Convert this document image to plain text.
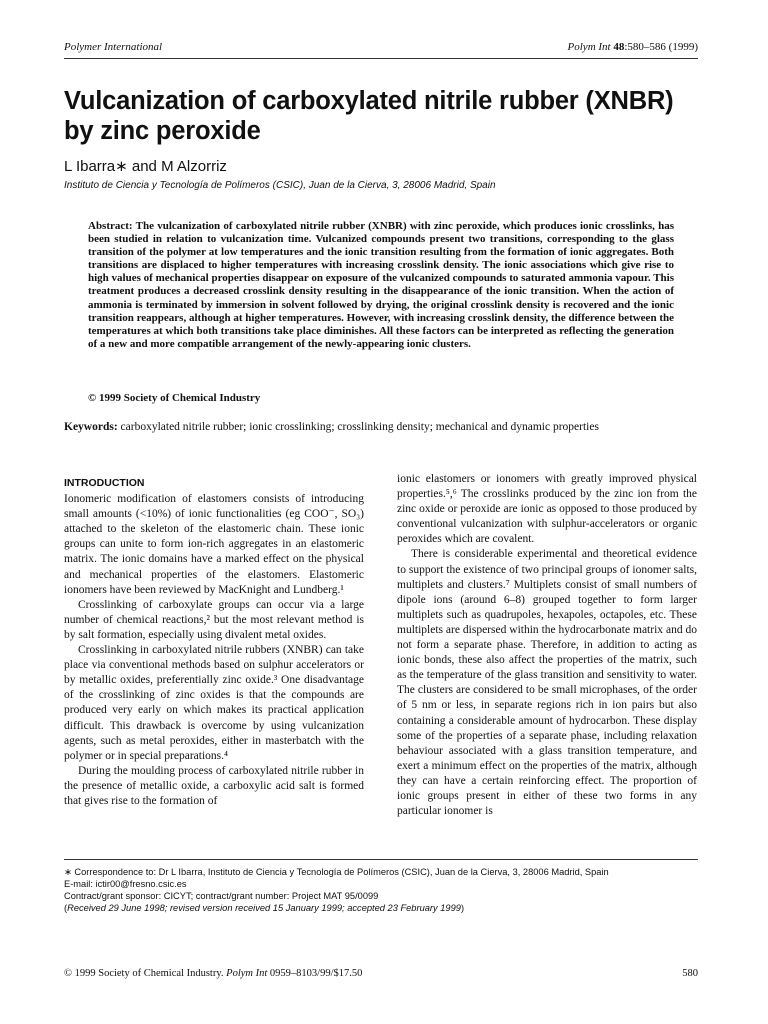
Polymer International	Polym Int 48:580–586 (1999)
Vulcanization of carboxylated nitrile rubber (XNBR) by zinc peroxide
L Ibarra∗ and M Alzorriz
Instituto de Ciencia y Tecnología de Polímeros (CSIC), Juan de la Cierva, 3, 28006 Madrid, Spain

Abstract: The vulcanization of carboxylated nitrile rubber (XNBR) with zinc peroxide, which produces ionic crosslinks, has been studied in relation to vulcanization time. Vulcanized compounds present two transitions, corresponding to the glass transition of the polymer at low temperatures and the ionic transition resulting from the formation of ionic aggregates. Both transitions are displaced to higher temperatures with increasing crosslink density. The ionic associations which give rise to high values of mechanical properties disappear on exposure of the vulcanized compounds to saturated ammonia vapour. This treatment produces a decreased crosslink density resulting in the disappearance of the ionic transition. When the action of ammonia is terminated by immersion in solvent followed by drying, the original crosslink density is recovered and the ionic transition reappears, although at higher temperatures. However, with increasing crosslink density, the difference between the temperatures at which both transitions take place diminishes. All these factors can be interpreted as reflecting the generation of a new and more compatible arrangement of the newly-appearing ionic clusters.

© 1999 Society of Chemical Industry

Keywords: carboxylated nitrile rubber; ionic crosslinking; crosslinking density; mechanical and dynamic properties

INTRODUCTION

Ionomeric modification of elastomers consists of introducing small amounts (<10%) of ionic functionalities (eg COO⁻, SO₃) attached to the skeleton of the elastomeric chain. These ionic groups can unite to form ion-rich aggregates in an elastomeric matrix. The ionic domains have a marked effect on the physical and mechanical properties of the elastomers. Elastomeric ionomers have been reviewed by MacKnight and Lundberg.¹

Crosslinking of carboxylate groups can occur via a large number of chemical reactions,² but the most relevant method is by salt formation, especially using divalent metal oxides.

Crosslinking in carboxylated nitrile rubbers (XNBR) can take place via conventional methods based on sulphur accelerators or by metallic oxides, preferentially zinc oxide.³ One disadvantage of the crosslinking of zinc oxides is that the compounds are produced very early on which makes its practical application difficult. This drawback is overcome by using vulcanization agents, such as metal peroxides, either in masterbatch with the polymer or in special preparations.⁴

During the moulding process of carboxylated nitrile rubber in the presence of metallic oxide, a carboxylic acid salt is formed that gives rise to the formation of

ionic elastomers or ionomers with greatly improved physical properties.⁵,⁶ The crosslinks produced by the zinc ion from the zinc oxide or peroxide are ionic as opposed to those produced by conventional vulcanization with sulphur-accelerators or organic peroxides which are covalent.

There is considerable experimental and theoretical evidence to support the existence of two principal groups of ionomer salts, multiplets and clusters.⁷ Multiplets consist of small numbers of dipole ions (around 6–8) grouped together to form larger multiplets such as quadrupoles, hexapoles, octapoles, etc. These multiplets are dispersed within the hydrocarbonate matrix and do not form a separate phase. Therefore, in addition to acting as ionic bonds, these also affect the properties of the matrix, such as the temperature of the glass transition and sensitivity to water. The clusters are considered to be small microphases, of the order of 5 nm or less, in separate regions rich in ion pairs but also containing a considerable amount of hydrocarbon. These display some of the properties of a separate phase, including relaxation behaviour associated with a glass transition temperature, and exert a minimum effect on the properties of the matrix, although they can have a certain reinforcing effect. The proportion of ionic groups present in either of these two forms in any particular ionomer is

∗ Correspondence to: Dr L Ibarra, Instituto de Ciencia y Tecnología de Polímeros (CSIC), Juan de la Cierva, 3, 28006 Madrid, Spain
E-mail: ictir00@fresno.csic.es
Contract/grant sponsor: CICYT; contract/grant number: Project MAT 95/0099
(Received 29 June 1998; revised version received 15 January 1999; accepted 23 February 1999)
© 1999 Society of Chemical Industry. Polym Int 0959–8103/99/$17.50	580
